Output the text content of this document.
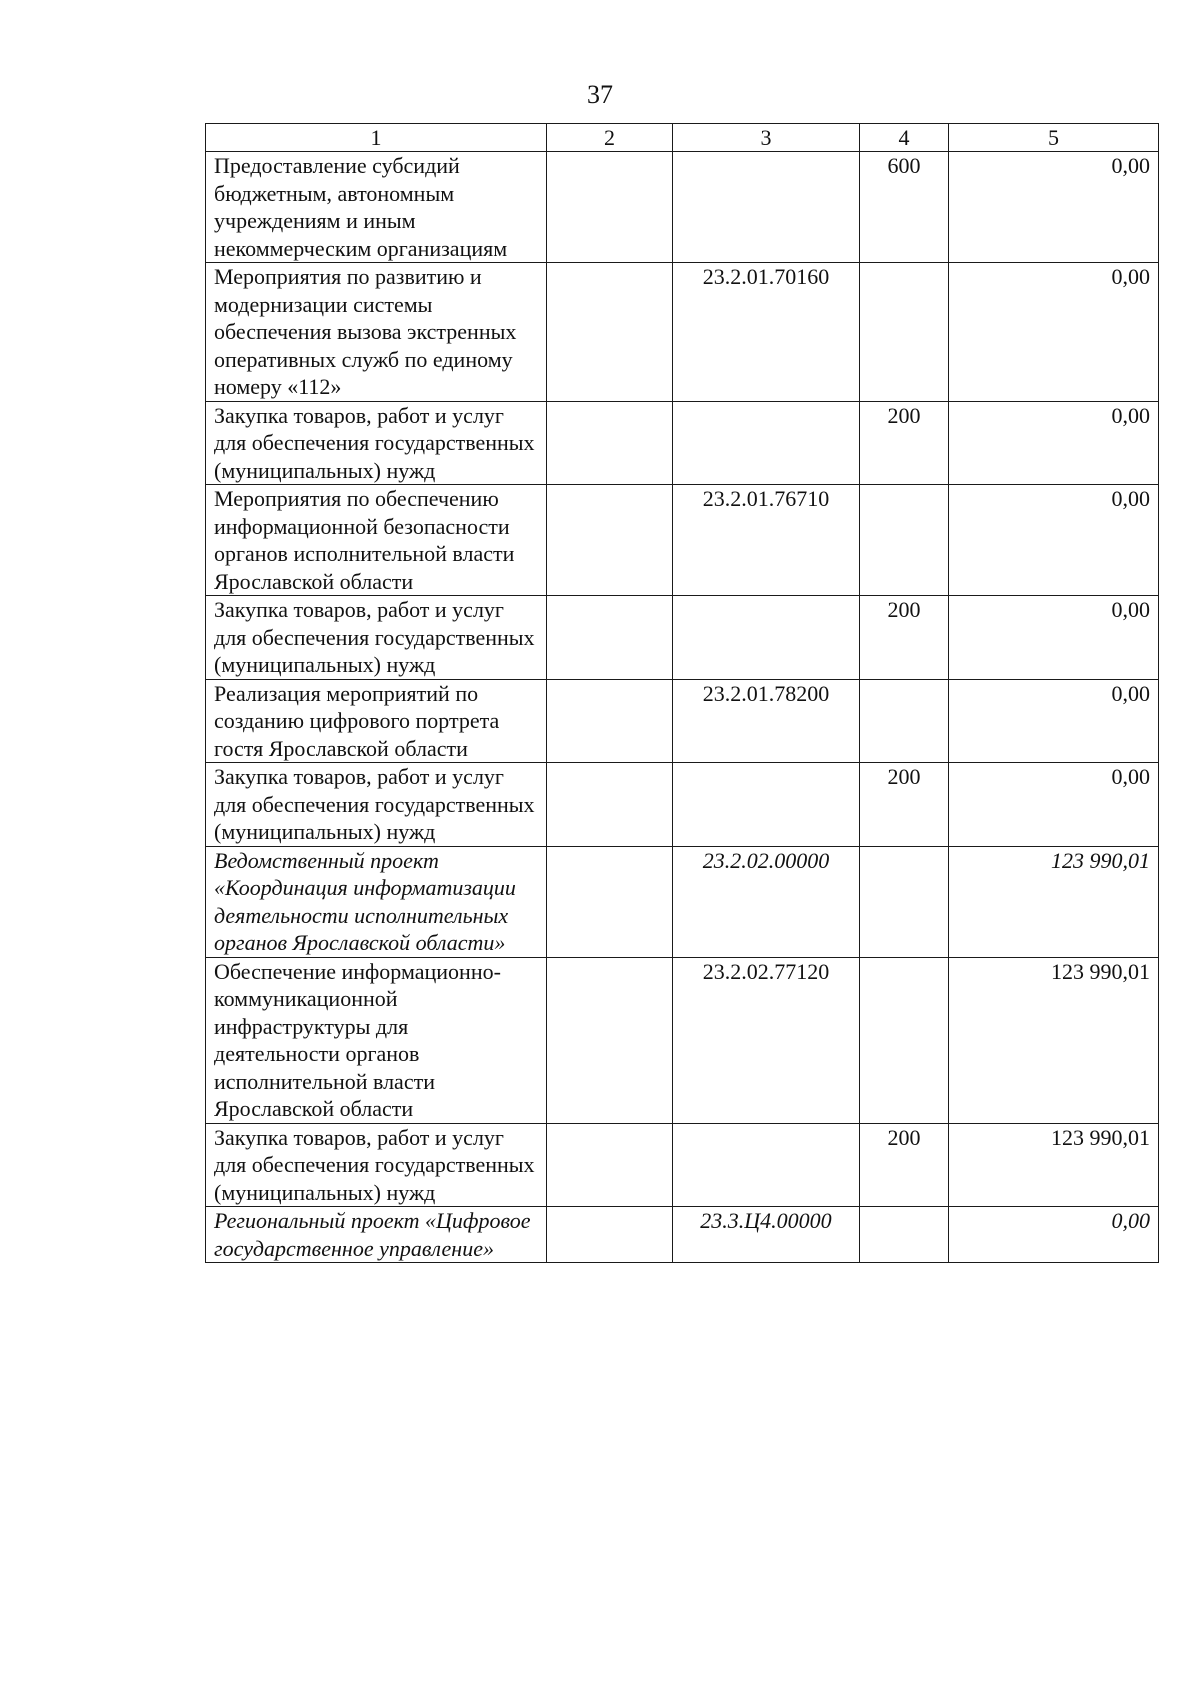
37
1	2	3	4	5
Предоставление субсидий бюджетным, автономным учреждениям и иным некоммерческим организациям			600	0,00
Мероприятия по развитию и модернизации системы обеспечения вызова экстренных оперативных служб по единому номеру «112»		23.2.01.70160		0,00
Закупка товаров, работ и услуг для обеспечения государственных (муниципальных) нужд			200	0,00
Мероприятия по обеспечению информационной безопасности органов исполнительной власти Ярославской области		23.2.01.76710		0,00
Закупка товаров, работ и услуг для обеспечения государственных (муниципальных) нужд			200	0,00
Реализация мероприятий по созданию цифрового портрета гостя Ярославской области		23.2.01.78200		0,00
Закупка товаров, работ и услуг для обеспечения государственных (муниципальных) нужд			200	0,00
Ведомственный проект «Координация информатизации деятельности исполнительных органов Ярославской области»		23.2.02.00000		123 990,01
Обеспечение информационно-коммуникационной инфраструктуры для деятельности органов исполнительной власти Ярославской области		23.2.02.77120		123 990,01
Закупка товаров, работ и услуг для обеспечения государственных (муниципальных) нужд			200	123 990,01
Региональный проект «Цифровое государственное управление»		23.3.Ц4.00000		0,00
